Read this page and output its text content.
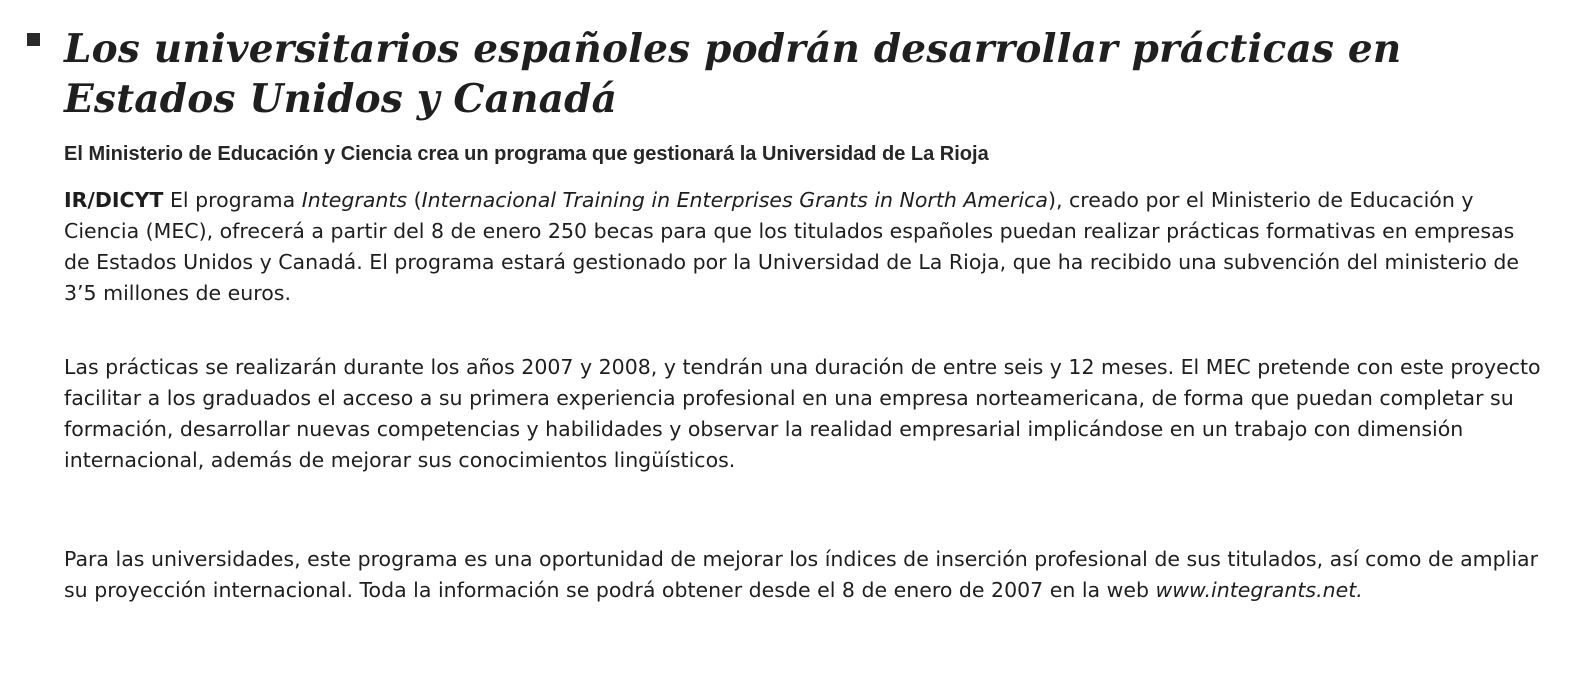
Los universitarios españoles podrán desarrollar prácticas en Estados Unidos y Canadá

El Ministerio de Educación y Ciencia crea un programa que gestionará la Universidad de La Rioja

IR/DICYT El programa Integrants (Internacional Training in Enterprises Grants in North America), creado por el Ministerio de Educación y Ciencia (MEC), ofrecerá a partir del 8 de enero 250 becas para que los titulados españoles puedan realizar prácticas formativas en empresas de Estados Unidos y Canadá. El programa estará gestionado por la Universidad de La Rioja, que ha recibido una subvención del ministerio de 3’5 millones de euros.

Las prácticas se realizarán durante los años 2007 y 2008, y tendrán una duración de entre seis y 12 meses. El MEC pretende con este proyecto facilitar a los graduados el acceso a su primera experiencia profesional en una empresa norteamericana, de forma que puedan completar su formación, desarrollar nuevas competencias y habilidades y observar la realidad empresarial implicándose en un trabajo con dimensión internacional, además de mejorar sus conocimientos lingüísticos.

Para las universidades, este programa es una oportunidad de mejorar los índices de inserción profesional de sus titulados, así como de ampliar su proyección internacional. Toda la información se podrá obtener desde el 8 de enero de 2007 en la web www.integrants.net.
